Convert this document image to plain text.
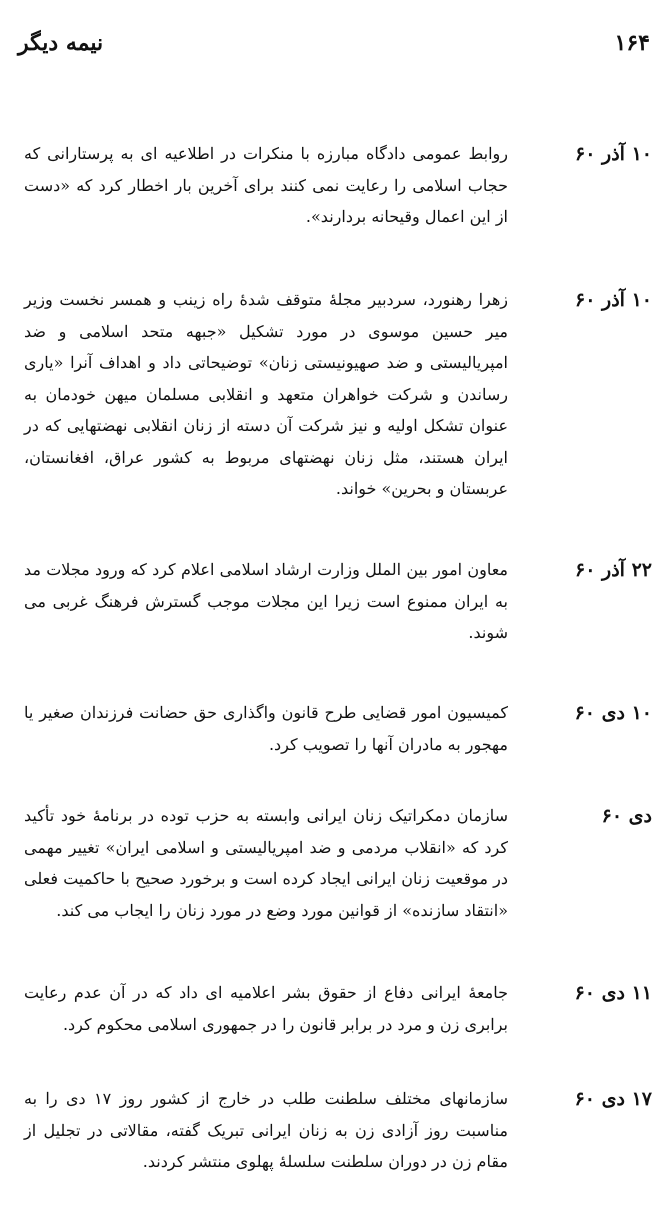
۱۶۴
نیمه دیگر
۱۰ آذر ۶۰
روابط عمومی دادگاه مبارزه با منکرات در اطلاعیه ای به پرستارانی که حجاب اسلامی را رعایت نمی کنند برای آخرین بار اخطار کرد که «دست از این اعمال وقیحانه بردارند».
۱۰ آذر ۶۰
زهرا رهنورد، سردبیر مجلهٔ متوقف شدهٔ راه زینب و همسر نخست وزیر میر حسین موسوی در مورد تشکیل «جبهه متحد اسلامی و ضد امپریالیستی و ضد صهیونیستی زنان» توضیحاتی داد و اهداف آنرا «یاری رساندن و شرکت خواهران متعهد و انقلابی مسلمان میهن خودمان به عنوان تشکل اولیه و نیز شرکت آن دسته از زنان انقلابی نهضتهایی که در ایران هستند، مثل زنان نهضتهای مربوط به کشور عراق، افغانستان، عربستان و بحرین» خواند.
۲۲ آذر ۶۰
معاون امور بین الملل وزارت ارشاد اسلامی اعلام کرد که ورود مجلات مد به ایران ممنوع است زیرا این مجلات موجب گسترش فرهنگ غربی می شوند.
۱۰ دی ۶۰
کمیسیون امور قضایی طرح قانون واگذاری حق حضانت فرزندان صغیر یا مهجور به مادران آنها را تصویب کرد.
دی ۶۰
سازمان دمکراتیک زنان ایرانی وابسته به حزب توده در برنامهٔ خود تأکید کرد که «انقلاب مردمی و ضد امپریالیستی و اسلامی ایران» تغییر مهمی در موقعیت زنان ایرانی ایجاد کرده است و برخورد صحیح با حاکمیت فعلی «انتقاد سازنده» از قوانین مورد وضع در مورد زنان را ایجاب می کند.
۱۱ دی ۶۰
جامعهٔ ایرانی دفاع از حقوق بشر اعلامیه ای داد که در آن عدم رعایت برابری زن و مرد در برابر قانون را در جمهوری اسلامی محکوم کرد.
۱۷ دی ۶۰
سازمانهای مختلف سلطنت طلب در خارج از کشور روز ۱۷ دی را به مناسبت روز آزادی زن به زنان ایرانی تبریک گفته، مقالاتی در تجلیل از مقام زن در دوران سلطنت سلسلهٔ پهلوی منتشر کردند.
